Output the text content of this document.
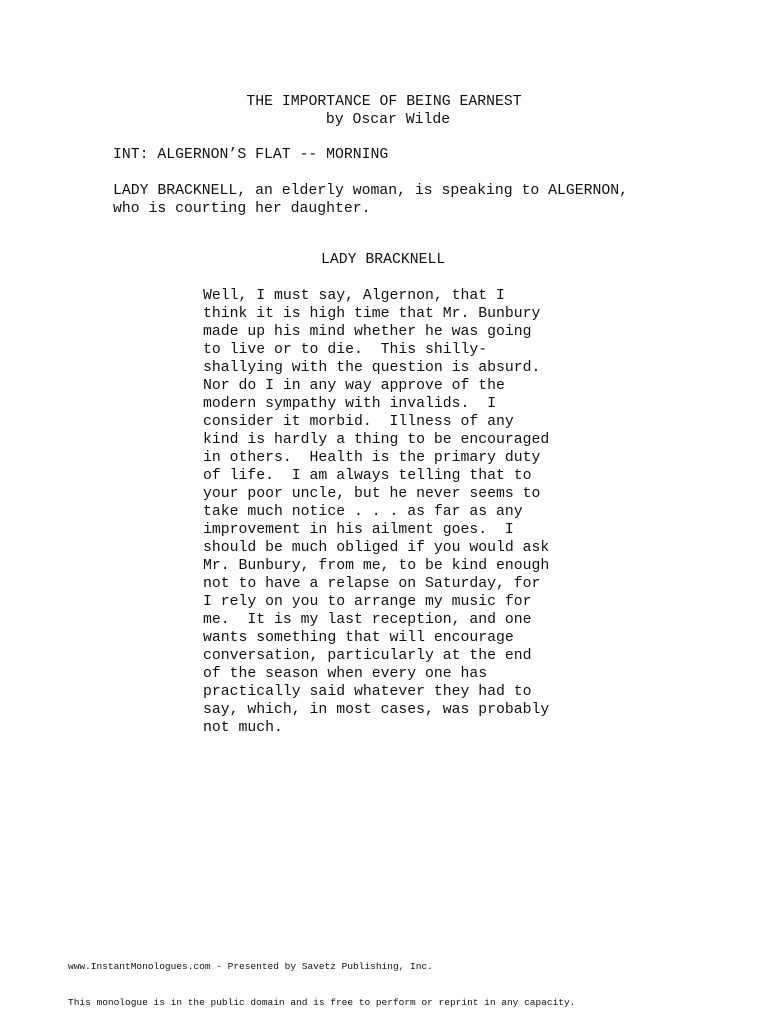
THE IMPORTANCE OF BEING EARNEST
by Oscar Wilde
INT: ALGERNON’S FLAT -- MORNING
LADY BRACKNELL, an elderly woman, is speaking to ALGERNON,
who is courting her daughter.
LADY BRACKNELL
Well, I must say, Algernon, that I
think it is high time that Mr. Bunbury
made up his mind whether he was going
to live or to die.  This shilly-
shallying with the question is absurd.
Nor do I in any way approve of the
modern sympathy with invalids.  I
consider it morbid.  Illness of any
kind is hardly a thing to be encouraged
in others.  Health is the primary duty
of life.  I am always telling that to
your poor uncle, but he never seems to
take much notice . . . as far as any
improvement in his ailment goes.  I
should be much obliged if you would ask
Mr. Bunbury, from me, to be kind enough
not to have a relapse on Saturday, for
I rely on you to arrange my music for
me.  It is my last reception, and one
wants something that will encourage
conversation, particularly at the end
of the season when every one has
practically said whatever they had to
say, which, in most cases, was probably
not much.

www.InstantMonologues.com - Presented by Savetz Publishing, Inc.

This monologue is in the public domain and is free to perform or reprint in any capacity.
